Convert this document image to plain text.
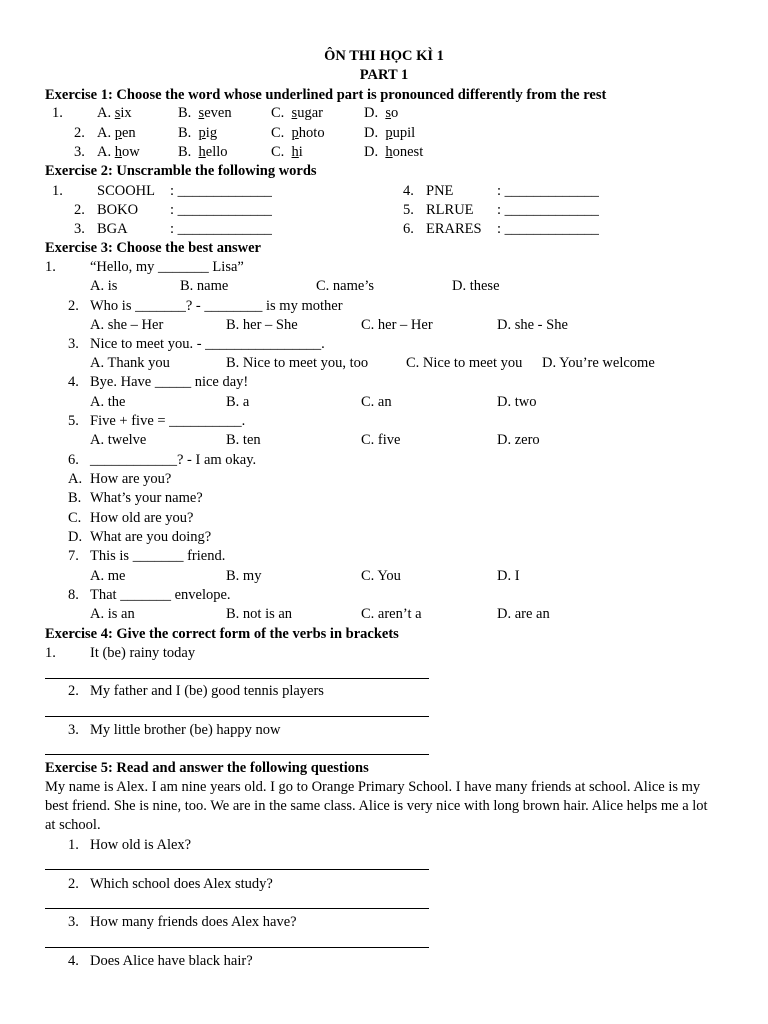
ÔN THI HỌC KÌ 1
PART 1
Exercise 1: Choose the word whose underlined part is pronounced differently from the rest
1. A. six	B. seven	C. sugar	D. so
2. A. pen	B. pig	C. photo	D. pupil
3. A. how	B. hello	C. hi	D. honest
Exercise 2: Unscramble the following words
1. SCOOHL : _____________	4. PNE	: _____________
2. BOKO : _____________	5. RLRUE : _____________
3. BGA	: _____________	6. ERARES : _____________
Exercise 3: Choose the best answer
1. “Hello, my _______ Lisa”
A. is	B. name	C. name’s	D. these
2. Who is _______? - ________ is my mother
A. she – Her	B. her – She	C. her – Her	D. she - She
3. Nice to meet you. - ________________.
A. Thank you	B. Nice to meet you, too	C. Nice to meet you D. You’re welcome
4. Bye. Have _____ nice day!
A. the	B. a	C. an	D. two
5. Five + five = __________.
A. twelve	B. ten	C. five	D. zero
6. ____________? - I am okay.
A. How are you?
B. What’s your name?
C. How old are you?
D. What are you doing?
7. This is _______ friend.
A. me	B. my	C. You	D. I
8. That _______ envelope.
A. is an	B. not is an	C. aren’t a	D. are an
Exercise 4: Give the correct form of the verbs in brackets
1. It (be) rainy today
2. My father and I (be) good tennis players
3. My little brother (be) happy now
Exercise 5: Read and answer the following questions
My name is Alex. I am nine years old. I go to Orange Primary School. I have many friends at school. Alice is my best friend. She is nine, too. We are in the same class. Alice is very nice with long brown hair. Alice helps me a lot at school.
1. How old is Alex?
2. Which school does Alex study?
3. How many friends does Alex have?
4. Does Alice have black hair?
